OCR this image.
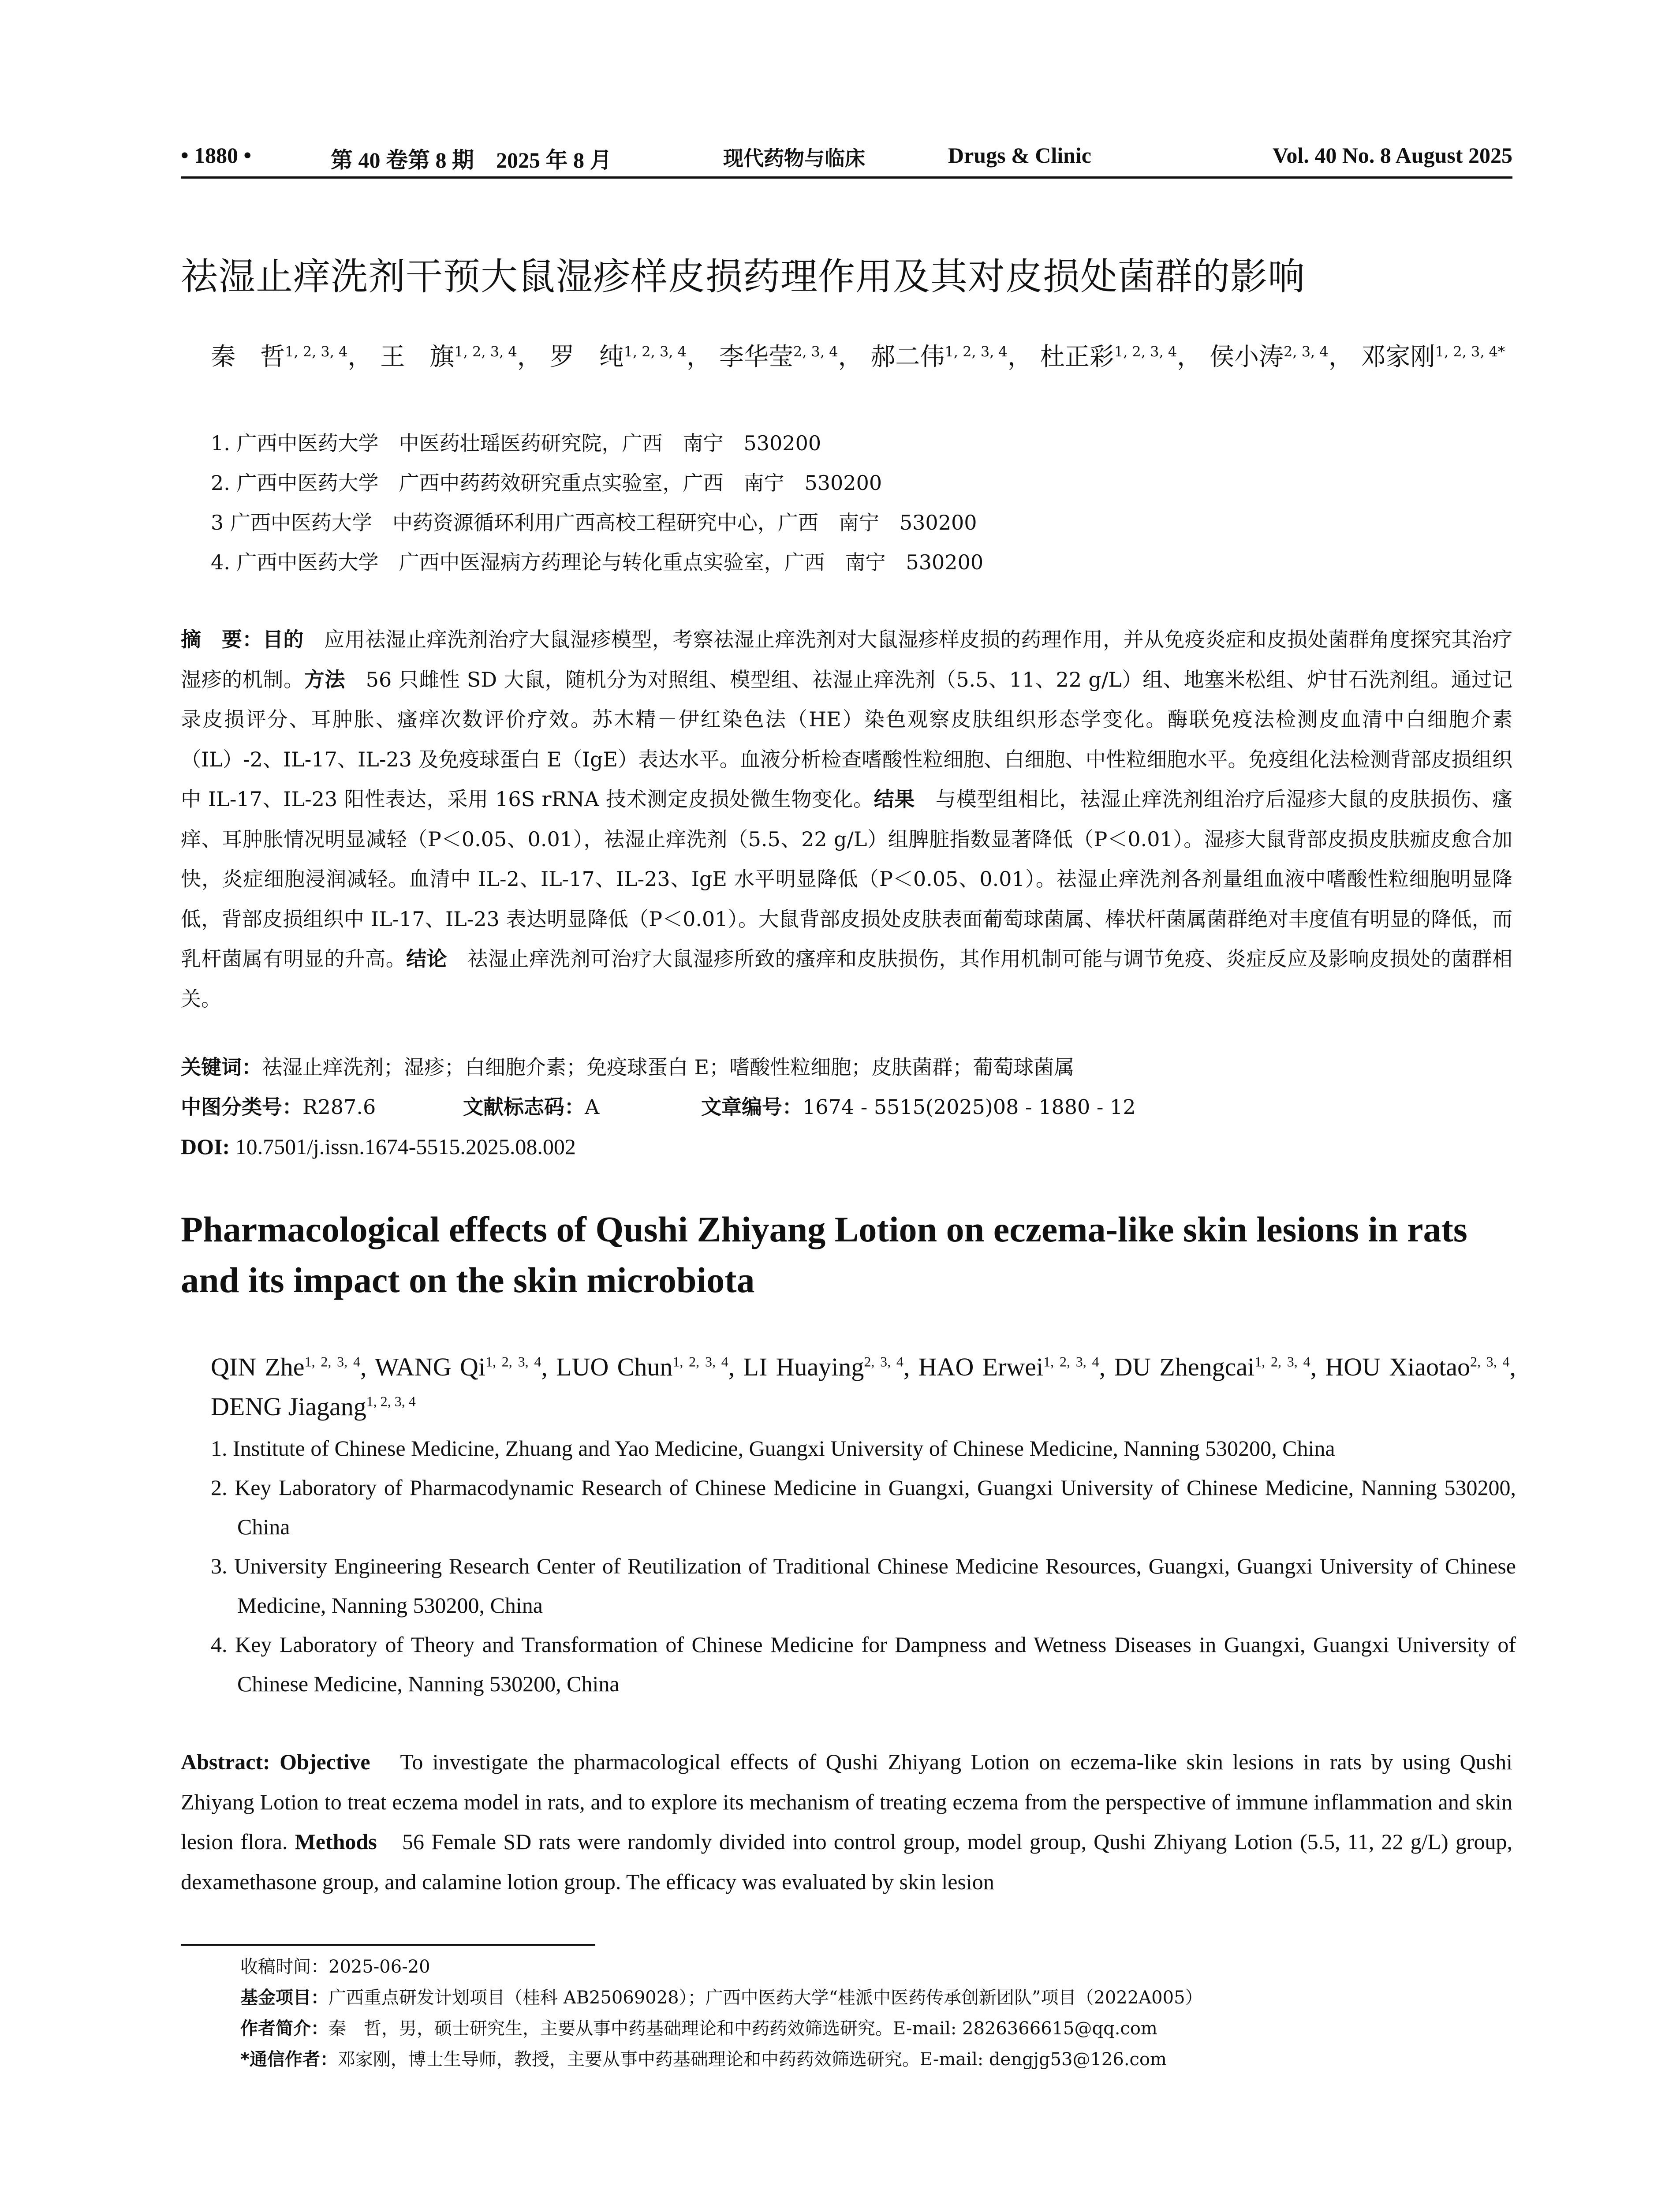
• 1880 •	第 40 卷第 8 期　2025 年 8 月	现代药物与临床	Drugs & Clinic	Vol. 40 No. 8 August 2025
祛湿止痒洗剂干预大鼠湿疹样皮损药理作用及其对皮损处菌群的影响
秦　哲$^{1, 2, 3, 4}$， 王　旗$^{1, 2, 3, 4}$， 罗　纯$^{1, 2, 3, 4}$， 李华莹$^{2, 3, 4}$， 郝二伟$^{1, 2, 3, 4}$， 杜正彩$^{1, 2, 3, 4}$， 侯小涛$^{2, 3, 4}$， 邓家刚$^{1, 2, 3, 4*}$
1. 广西中医药大学　中医药壮瑶医药研究院，广西　南宁　530200
2. 广西中医药大学　广西中药药效研究重点实验室，广西　南宁　530200
3 广西中医药大学　中药资源循环利用广西高校工程研究中心，广西　南宁　530200
4. 广西中医药大学　广西中医湿病方药理论与转化重点实验室，广西　南宁　530200
摘　要：目的　应用祛湿止痒洗剂治疗大鼠湿疹模型，考察祛湿止痒洗剂对大鼠湿疹样皮损的药理作用，并从免疫炎症和皮损处菌群角度探究其治疗湿疹的机制。方法　56 只雌性 SD 大鼠，随机分为对照组、模型组、祛湿止痒洗剂（5.5、11、22 g/L）组、地塞米松组、炉甘石洗剂组。通过记录皮损评分、耳肿胀、瘙痒次数评价疗效。苏木精－伊红染色法（HE）染色观察皮肤组织形态学变化。酶联免疫法检测皮血清中白细胞介素（IL）-2、IL-17、IL-23 及免疫球蛋白 E（IgE）表达水平。血液分析检查嗜酸性粒细胞、白细胞、中性粒细胞水平。免疫组化法检测背部皮损组织中 IL-17、IL-23 阳性表达，采用 16S rRNA 技术测定皮损处微生物变化。结果　与模型组相比，祛湿止痒洗剂组治疗后湿疹大鼠的皮肤损伤、瘙痒、耳肿胀情况明显减轻（P＜0.05、0.01），祛湿止痒洗剂（5.5、22 g/L）组脾脏指数显著降低（P＜0.01）。湿疹大鼠背部皮损皮肤痂皮愈合加快，炎症细胞浸润减轻。血清中 IL-2、IL-17、IL-23、IgE 水平明显降低（P＜0.05、0.01）。祛湿止痒洗剂各剂量组血液中嗜酸性粒细胞明显降低，背部皮损组织中 IL-17、IL-23 表达明显降低（P＜0.01）。大鼠背部皮损处皮肤表面葡萄球菌属、棒状杆菌属菌群绝对丰度值有明显的降低，而乳杆菌属有明显的升高。结论　祛湿止痒洗剂可治疗大鼠湿疹所致的瘙痒和皮肤损伤，其作用机制可能与调节免疫、炎症反应及影响皮损处的菌群相关。
关键词：祛湿止痒洗剂；湿疹；白细胞介素；免疫球蛋白 E；嗜酸性粒细胞；皮肤菌群；葡萄球菌属
中图分类号：R287.6	文献标志码：A	文章编号：1674 - 5515(2025)08 - 1880 - 12
DOI: 10.7501/j.issn.1674-5515.2025.08.002
Pharmacological effects of Qushi Zhiyang Lotion on eczema-like skin lesions in rats and its impact on the skin microbiota
QIN Zhe$^{1, 2, 3, 4}$, WANG Qi$^{1, 2, 3, 4}$, LUO Chun$^{1, 2, 3, 4}$, LI Huaying$^{2, 3, 4}$, HAO Erwei$^{1, 2, 3, 4}$, DU Zhengcai$^{1, 2, 3, 4}$, HOU Xiaotao$^{2, 3, 4}$, DENG Jiagang$^{1, 2, 3, 4}$
1. Institute of Chinese Medicine, Zhuang and Yao Medicine, Guangxi University of Chinese Medicine, Nanning 530200, China
2. Key Laboratory of Pharmacodynamic Research of Chinese Medicine in Guangxi, Guangxi University of Chinese Medicine, Nanning 530200, China
3. University Engineering Research Center of Reutilization of Traditional Chinese Medicine Resources, Guangxi, Guangxi University of Chinese Medicine, Nanning 530200, China
4. Key Laboratory of Theory and Transformation of Chinese Medicine for Dampness and Wetness Diseases in Guangxi, Guangxi University of Chinese Medicine, Nanning 530200, China
Abstract: Objective　To investigate the pharmacological effects of Qushi Zhiyang Lotion on eczema-like skin lesions in rats by using Qushi Zhiyang Lotion to treat eczema model in rats, and to explore its mechanism of treating eczema from the perspective of immune inflammation and skin lesion flora. Methods　56 Female SD rats were randomly divided into control group, model group, Qushi Zhiyang Lotion (5.5, 11, 22 g/L) group, dexamethasone group, and calamine lotion group. The efficacy was evaluated by skin lesion
收稿时间：2025-06-20
基金项目：广西重点研发计划项目（桂科 AB25069028）；广西中医药大学“桂派中医药传承创新团队”项目（2022A005）
作者简介：秦　哲，男，硕士研究生，主要从事中药基础理论和中药药效筛选研究。E-mail: 2826366615@qq.com
*通信作者：邓家刚，博士生导师，教授，主要从事中药基础理论和中药药效筛选研究。E-mail: dengjg53@126.com
